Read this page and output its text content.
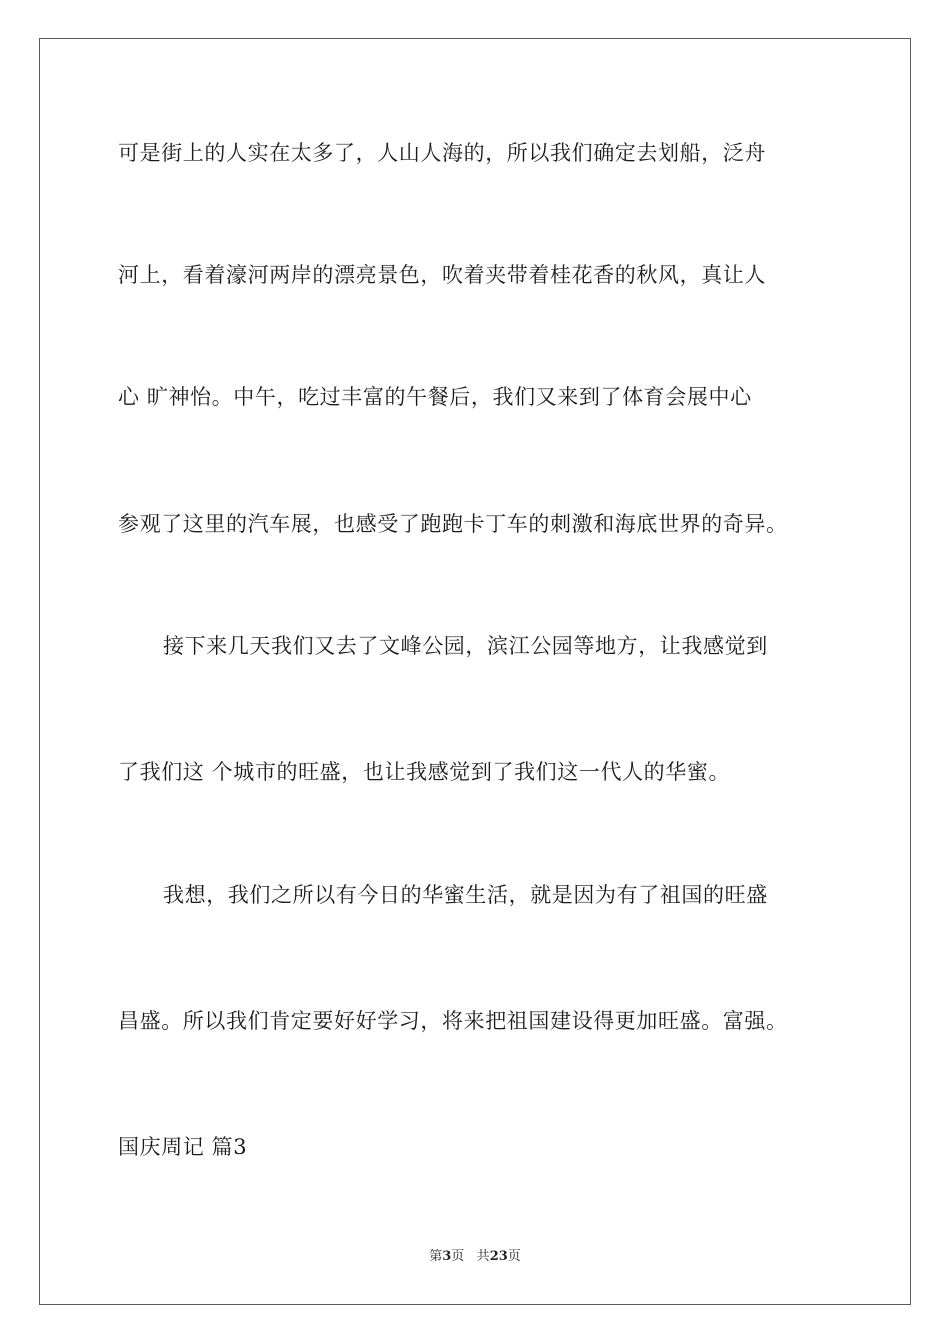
可是街上的人实在太多了，人山人海的，所以我们确定去划船，泛舟
河上，看着濠河两岸的漂亮景色，吹着夹带着桂花香的秋风，真让人
心 旷神怡。中午，吃过丰富的午餐后，我们又来到了体育会展中心
参观了这里的汽车展，也感受了跑跑卡丁车的刺激和海底世界的奇异。
接下来几天我们又去了文峰公园，滨江公园等地方，让我感觉到
了我们这 个城市的旺盛，也让我感觉到了我们这一代人的华蜜。
我想，我们之所以有今日的华蜜生活，就是因为有了祖国的旺盛
昌盛。所以我们肯定要好好学习，将来把祖国建设得更加旺盛。富强。
国庆周记 篇3
第3页 共23页
